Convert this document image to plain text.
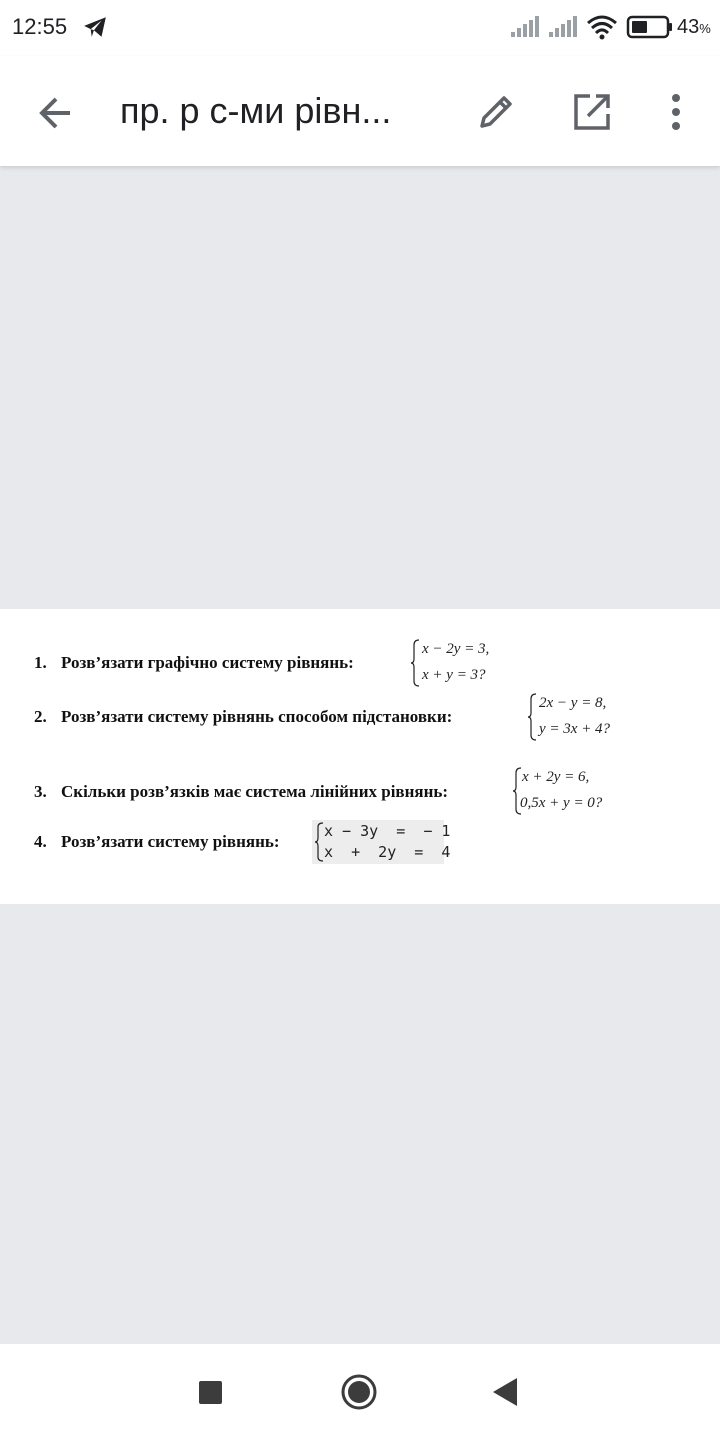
12:55	43%
пр. р с-ми рівн...
1. Розв’язати графічно систему рівнянь:
x − 2y = 3,
x + y = 3?
2. Розв’язати систему рівнянь способом підстановки:
2x − y = 8,
y = 3x + 4?
3. Скільки розв’язків має система лінійних рівнянь:
x + 2y = 6,
0,5x + y = 0?
4. Розв’язати систему рівнянь:
x − 3y  =  − 1
x  +  2y  =  4
